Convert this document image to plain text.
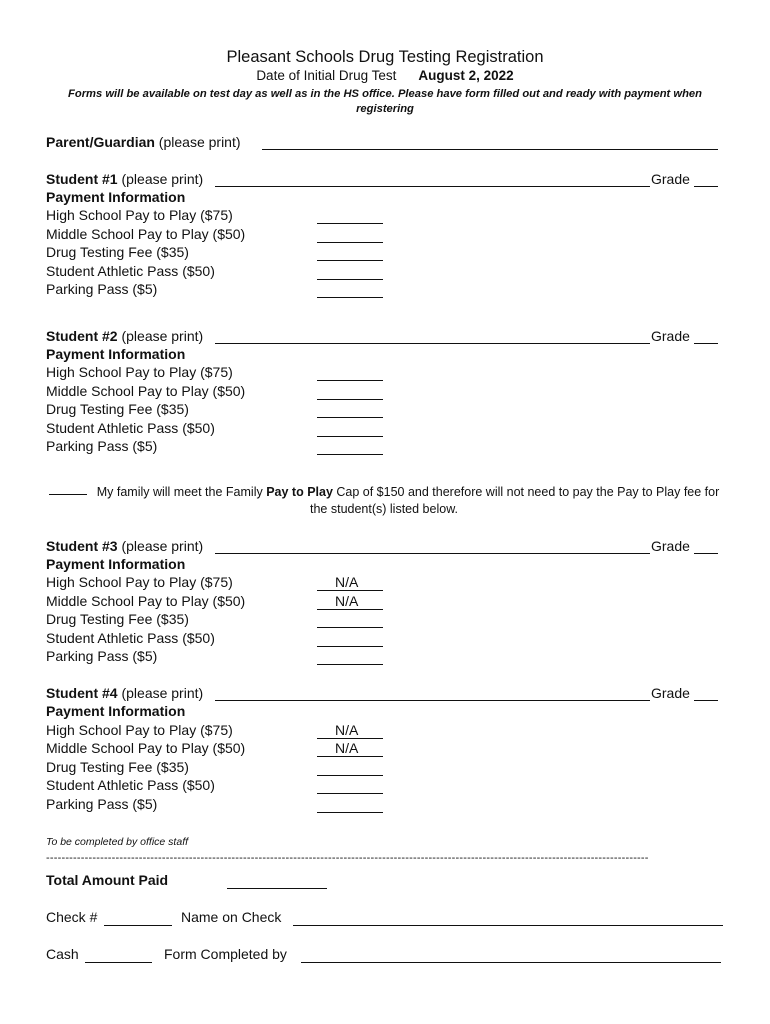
Pleasant Schools Drug Testing Registration
Date of Initial Drug Test August 2, 2022
Forms will be available on test day as well as in the HS office. Please have form filled out and ready with payment when registering
Parent/Guardian (please print)
Student #1 (please print)	Grade
Payment Information
High School Pay to Play ($75)
Middle School Pay to Play ($50)
Drug Testing Fee ($35)
Student Athletic Pass ($50)
Parking Pass ($5)
Student #2 (please print)	Grade
Payment Information
High School Pay to Play ($75)
Middle School Pay to Play ($50)
Drug Testing Fee ($35)
Student Athletic Pass ($50)
Parking Pass ($5)
My family will meet the Family Pay to Play Cap of $150 and therefore will not need to pay the Pay to Play fee for the student(s) listed below.
Student #3 (please print)	Grade
Payment Information
High School Pay to Play ($75)	N/A
Middle School Pay to Play ($50)	N/A
Drug Testing Fee ($35)
Student Athletic Pass ($50)
Parking Pass ($5)
Student #4 (please print)	Grade
Payment Information
High School Pay to Play ($75)	N/A
Middle School Pay to Play ($50)	N/A
Drug Testing Fee ($35)
Student Athletic Pass ($50)
Parking Pass ($5)
To be completed by office staff
------------------------------------------------------------------------------------------------------------------------------------------------------------
Total Amount Paid
Check #	Name on Check
Cash	Form Completed by
